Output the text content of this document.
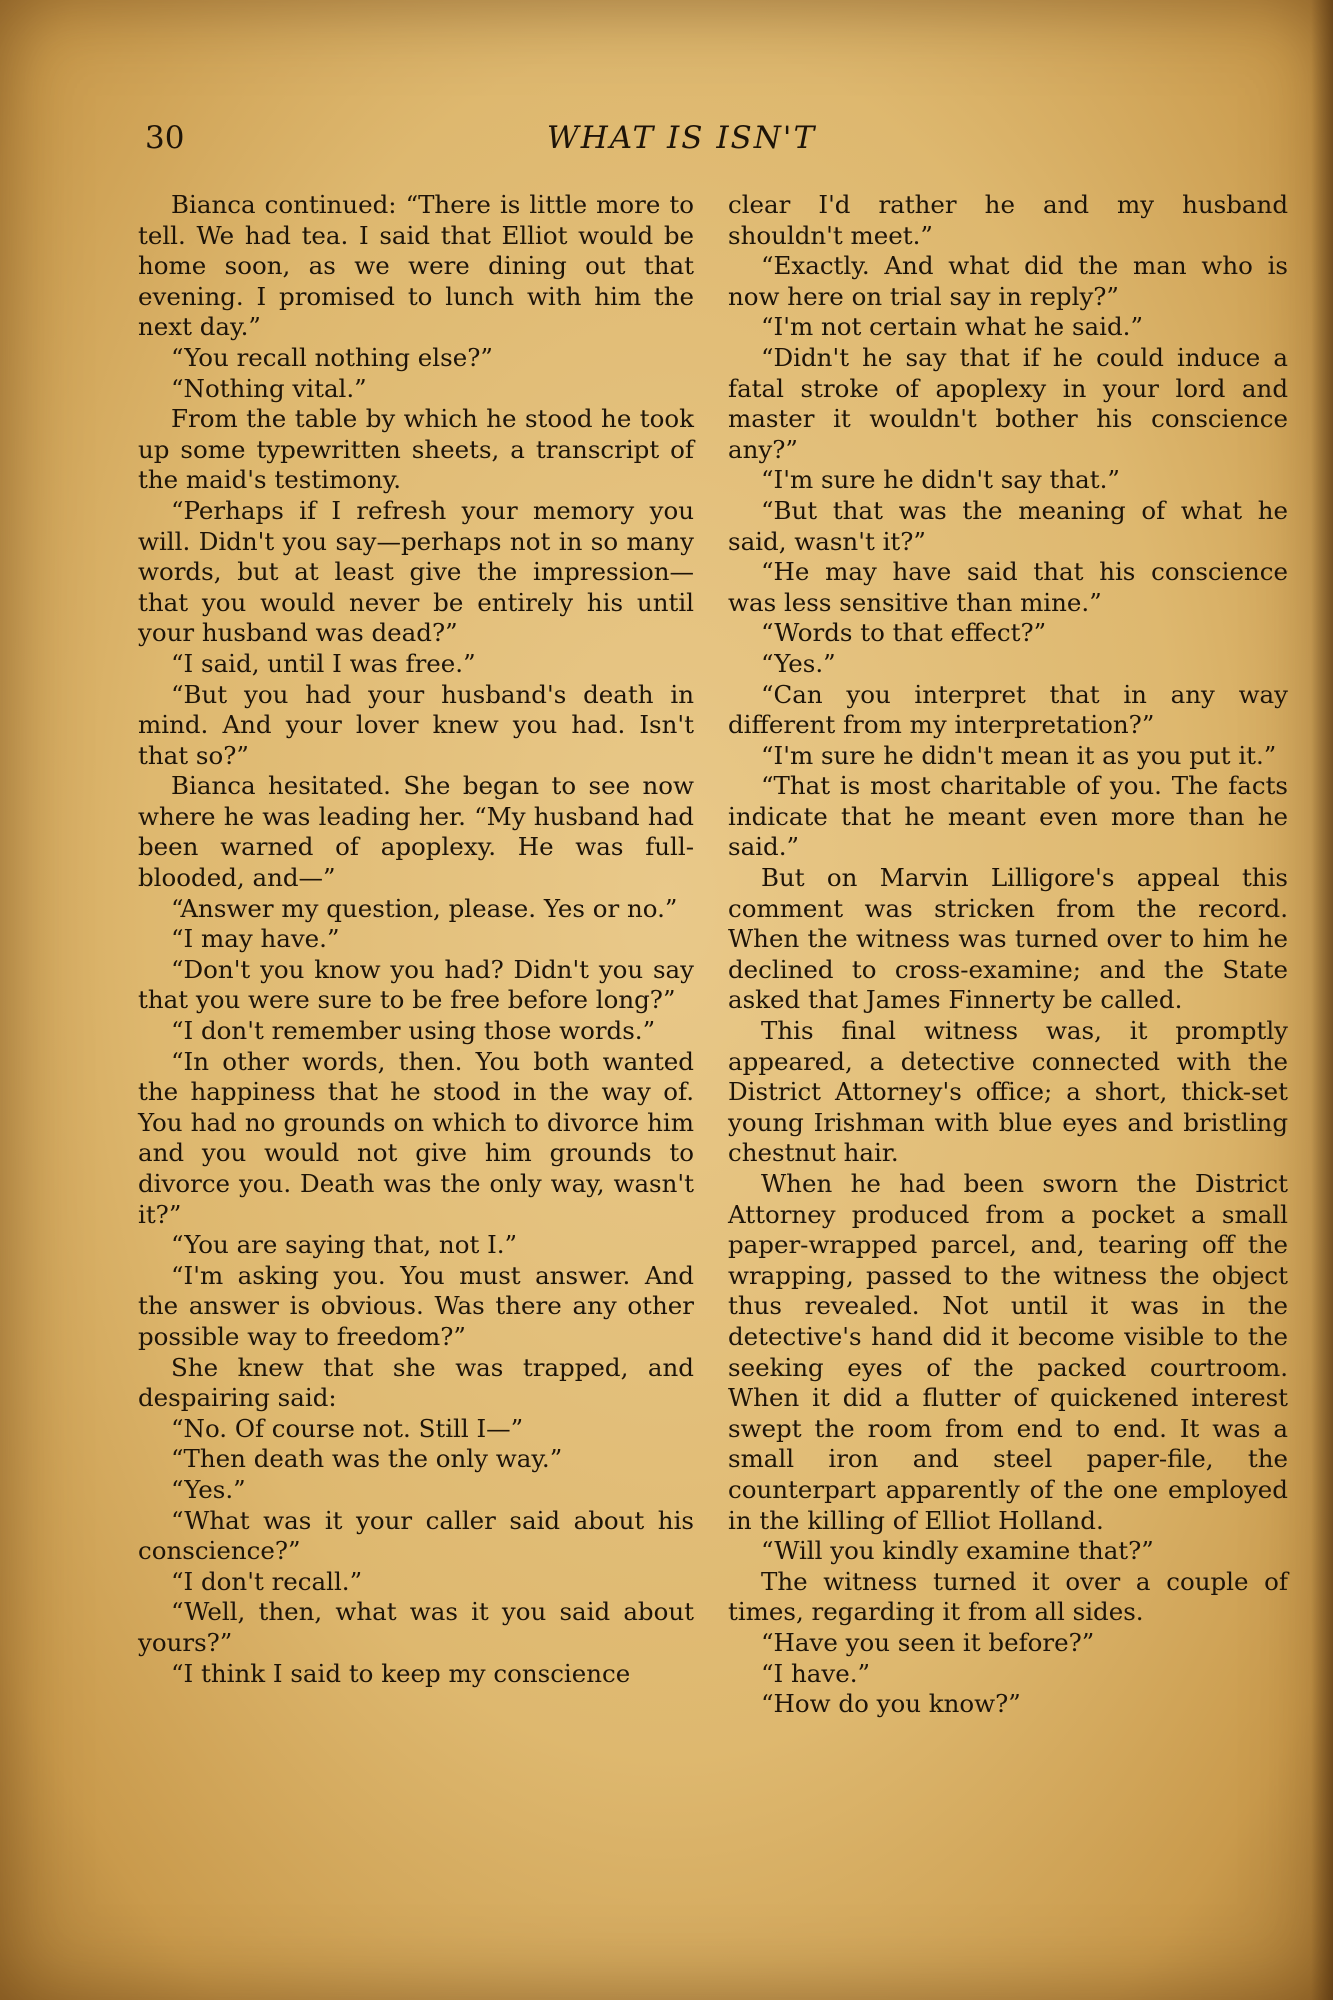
30	WHAT IS ISN'T

Bianca continued: “There is little more to tell. We had tea. I said that Elliot would be home soon, as we were dining out that evening. I promised to lunch with him the next day.”

“You recall nothing else?”

“Nothing vital.”

From the table by which he stood he took up some typewritten sheets, a transcript of the maid's testimony.

“Perhaps if I refresh your memory you will. Didn't you say—perhaps not in so many words, but at least give the impression—that you would never be entirely his until your husband was dead?”

“I said, until I was free.”

“But you had your husband's death in mind. And your lover knew you had. Isn't that so?”

Bianca hesitated. She began to see now where he was leading her. “My husband had been warned of apoplexy. He was full-blooded, and—”

“Answer my question, please. Yes or no.”

“I may have.”

“Don't you know you had? Didn't you say that you were sure to be free before long?”

“I don't remember using those words.”

“In other words, then. You both wanted the happiness that he stood in the way of. You had no grounds on which to divorce him and you would not give him grounds to divorce you. Death was the only way, wasn't it?”

“You are saying that, not I.”

“I'm asking you. You must answer. And the answer is obvious. Was there any other possible way to freedom?”

She knew that she was trapped, and despairing said:

“No. Of course not. Still I—”

“Then death was the only way.”

“Yes.”

“What was it your caller said about his conscience?”

“I don't recall.”

“Well, then, what was it you said about yours?”

“I think I said to keep my conscience

clear I'd rather he and my husband shouldn't meet.”

“Exactly. And what did the man who is now here on trial say in reply?”

“I'm not certain what he said.”

“Didn't he say that if he could induce a fatal stroke of apoplexy in your lord and master it wouldn't bother his conscience any?”

“I'm sure he didn't say that.”

“But that was the meaning of what he said, wasn't it?”

“He may have said that his conscience was less sensitive than mine.”

“Words to that effect?”

“Yes.”

“Can you interpret that in any way different from my interpretation?”

“I'm sure he didn't mean it as you put it.”

“That is most charitable of you. The facts indicate that he meant even more than he said.”

But on Marvin Lilligore's appeal this comment was stricken from the record. When the witness was turned over to him he declined to cross-examine; and the State asked that James Finnerty be called.

This final witness was, it promptly appeared, a detective connected with the District Attorney's office; a short, thick-set young Irishman with blue eyes and bristling chestnut hair.

When he had been sworn the District Attorney produced from a pocket a small paper-wrapped parcel, and, tearing off the wrapping, passed to the witness the object thus revealed. Not until it was in the detective's hand did it become visible to the seeking eyes of the packed courtroom. When it did a flutter of quickened interest swept the room from end to end. It was a small iron and steel paper-file, the counterpart apparently of the one employed in the killing of Elliot Holland.

“Will you kindly examine that?”

The witness turned it over a couple of times, regarding it from all sides.

“Have you seen it before?”

“I have.”

“How do you know?”
